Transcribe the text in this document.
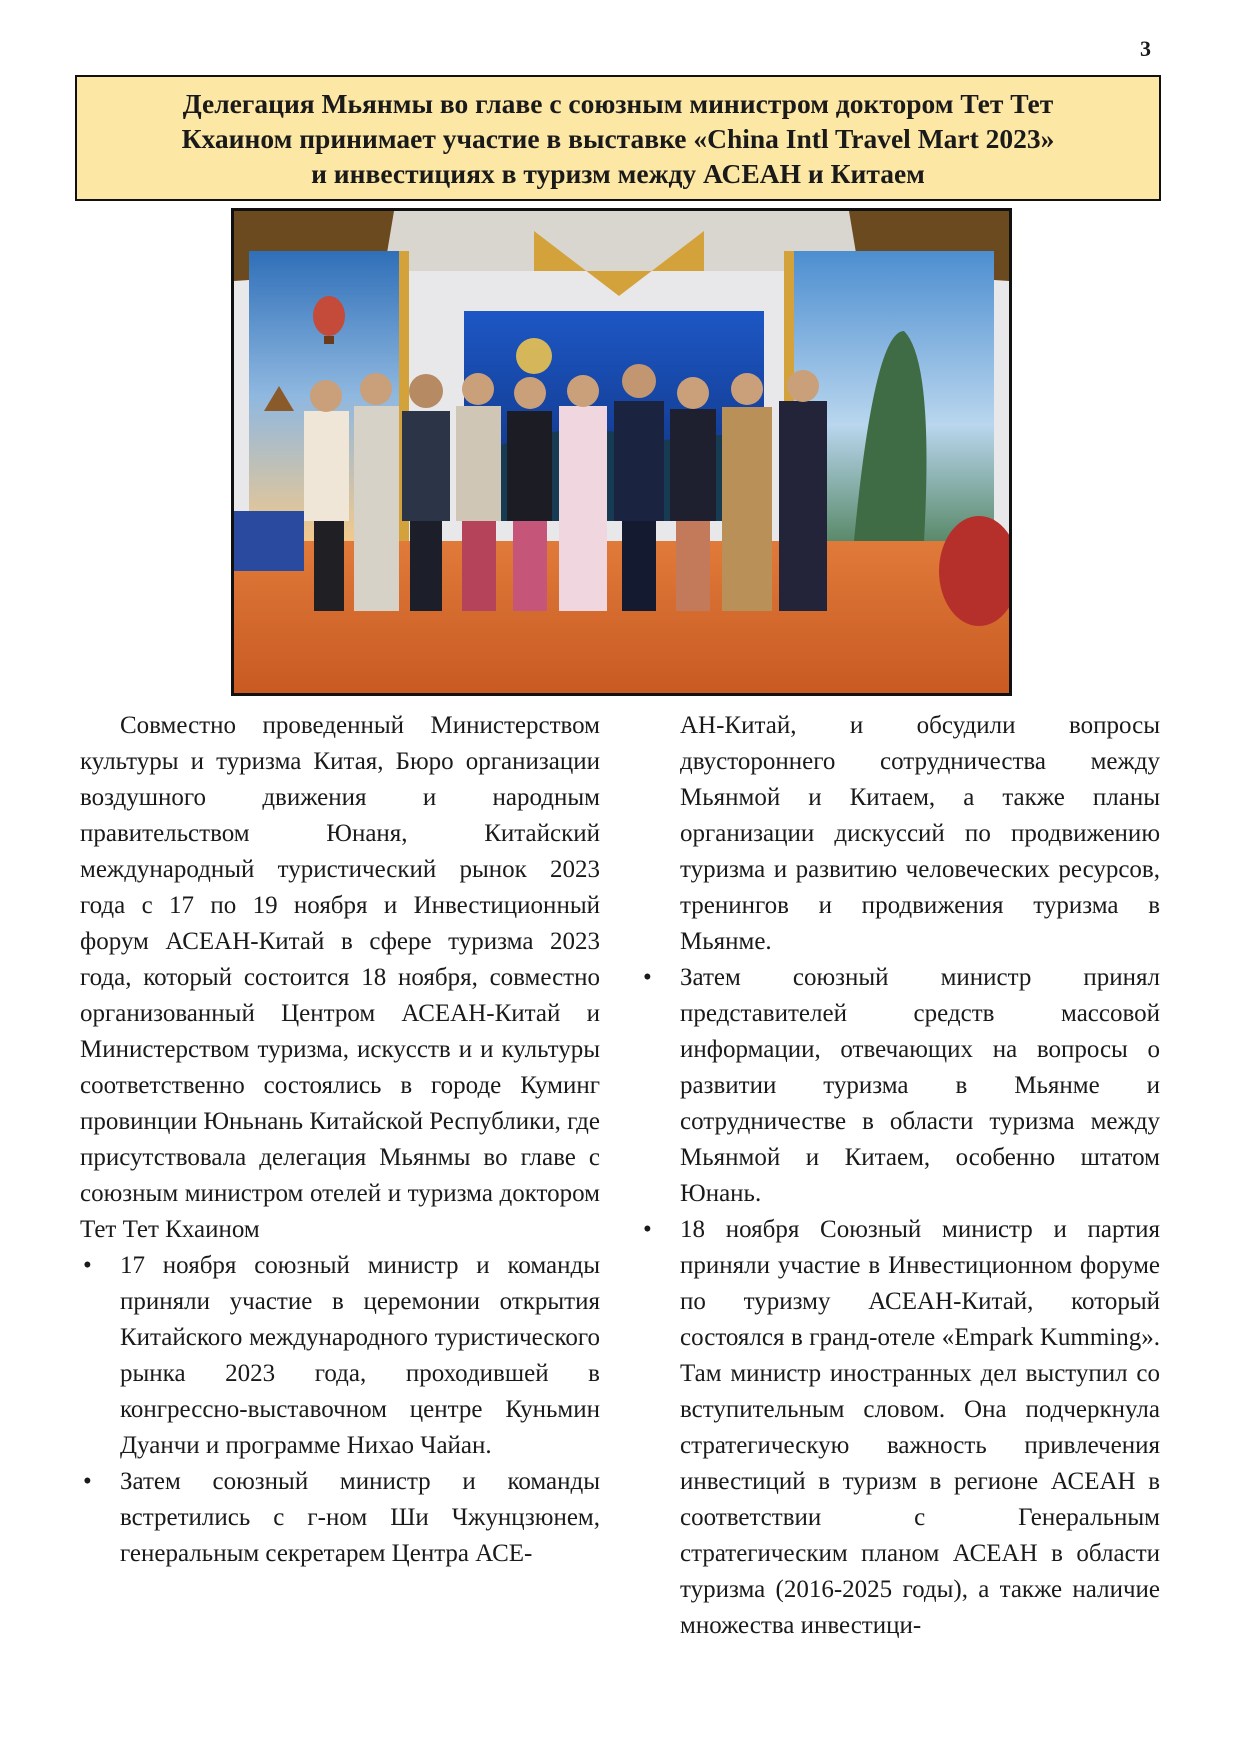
3
Делегация Мьянмы во главе с союзным министром доктором Тет Тет
Кхаином принимает участие в выставке «China Intl Travel Mart 2023»
и инвестициях в туризм между АСЕАН и Китаем

Совместно проведенный Министерством культуры и туризма Китая, Бюро организации воздушного движения и народным правительством Юнаня, Китайский международный туристический рынок 2023 года с 17 по 19 ноября и Инвестиционный форум АСЕАН-Китай в сфере туризма 2023 года, который состоится 18 ноября, совместно организованный Центром АСЕАН-Китай и Министерством туризма, искусств и и культуры соответственно состоялись в городе Куминг провинции Юньнань Китайской Республики, где присутствовала делегация Мьянмы во главе с союзным министром отелей и туризма доктором Тет Тет Кхаином

• 17 ноября союзный министр и команды приняли участие в церемонии открытия Китайского международного туристического рынка 2023 года, проходившей в конгрессно-выставочном центре Куньмин Дуанчи и программе Нихао Чайан.
• Затем союзный министр и команды встретились с г-ном Ши Чжунцзюнем, генеральным секретарем Центра АСЕ-

АН-Китай, и обсудили вопросы двустороннего сотрудничества между Мьянмой и Китаем, а также планы организации дискуссий по продвижению туризма и развитию человеческих ресурсов, тренингов и продвижения туризма в Мьянме.

• Затем союзный министр принял представителей средств массовой информации, отвечающих на вопросы о развитии туризма в Мьянме и сотрудничестве в области туризма между Мьянмой и Китаем, особенно штатом Юнань.
• 18 ноября Союзный министр и партия приняли участие в Инвестиционном форуме по туризму АСЕАН-Китай, который состоялся в гранд-отеле «Empark Kumming». Там министр иностранных дел выступил со вступительным словом. Она подчеркнула стратегическую важность привлечения инвестиций в туризм в регионе АСЕАН в соответствии с Генеральным стратегическим планом АСЕАН в области туризма (2016-2025 годы), а также наличие множества инвестици-
